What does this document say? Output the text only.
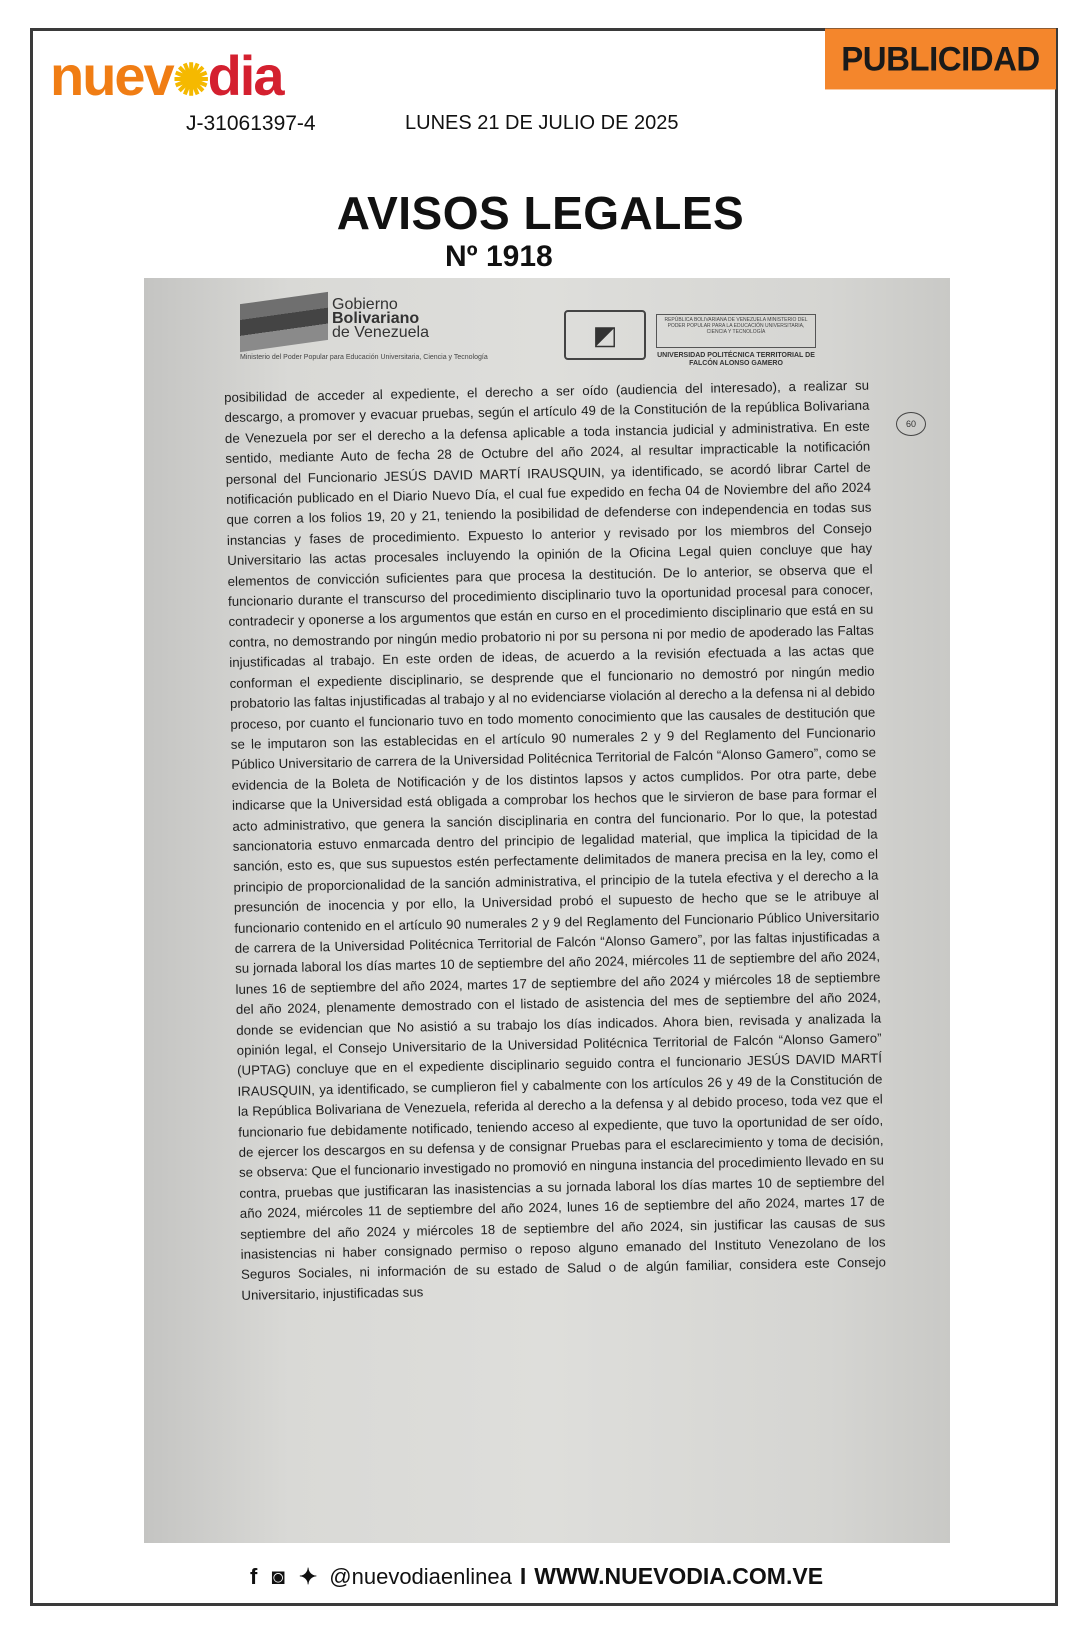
nuev✺dia
J-31061397-4	LUNES 21 DE JULIO DE 2025
PUBLICIDAD
AVISOS LEGALES
Nº 1918
Gobierno
Bolivariano
de Venezuela
Ministerio del Poder Popular para Educación Universitaria, Ciencia y Tecnología
◩	REPÚBLICA BOLIVARIANA DE VENEZUELA MINISTERIO DEL PODER POPULAR PARA LA EDUCACIÓN UNIVERSITARIA, CIENCIA Y TECNOLOGÍA
UNIVERSIDAD POLITÉCNICA TERRITORIAL DE FALCÓN ALONSO GAMERO
60
posibilidad de acceder al expediente, el derecho a ser oído (audiencia del interesado), a realizar su descargo, a promover y evacuar pruebas, según el artículo 49 de la Constitución de la república Bolivariana de Venezuela por ser el derecho a la defensa aplicable a toda instancia judicial y administrativa. En este sentido, mediante Auto de fecha 28 de Octubre del año 2024, al resultar impracticable la notificación personal del Funcionario JESÚS DAVID MARTÍ IRAUSQUIN, ya identificado, se acordó librar Cartel de notificación publicado en el Diario Nuevo Día, el cual fue expedido en fecha 04 de Noviembre del año 2024 que corren a los folios 19, 20 y 21, teniendo la posibilidad de defenderse con independencia en todas sus instancias y fases de procedimiento. Expuesto lo anterior y revisado por los miembros del Consejo Universitario las actas procesales incluyendo la opinión de la Oficina Legal quien concluye que hay elementos de convicción suficientes para que procesa la destitución. De lo anterior, se observa que el funcionario durante el transcurso del procedimiento disciplinario tuvo la oportunidad procesal para conocer, contradecir y oponerse a los argumentos que están en curso en el procedimiento disciplinario que está en su contra, no demostrando por ningún medio probatorio ni por su persona ni por medio de apoderado las Faltas injustificadas al trabajo. En este orden de ideas, de acuerdo a la revisión efectuada a las actas que conforman el expediente disciplinario, se desprende que el funcionario no demostró por ningún medio probatorio las faltas injustificadas al trabajo y al no evidenciarse violación al derecho a la defensa ni al debido proceso, por cuanto el funcionario tuvo en todo momento conocimiento que las causales de destitución que se le imputaron son las establecidas en el artículo 90 numerales 2 y 9 del Reglamento del Funcionario Público Universitario de carrera de la Universidad Politécnica Territorial de Falcón “Alonso Gamero”, como se evidencia de la Boleta de Notificación y de los distintos lapsos y actos cumplidos. Por otra parte, debe indicarse que la Universidad está obligada a comprobar los hechos que le sirvieron de base para formar el acto administrativo, que genera la sanción disciplinaria en contra del funcionario. Por lo que, la potestad sancionatoria estuvo enmarcada dentro del principio de legalidad material, que implica la tipicidad de la sanción, esto es, que sus supuestos estén perfectamente delimitados de manera precisa en la ley, como el principio de proporcionalidad de la sanción administrativa, el principio de la tutela efectiva y el derecho a la presunción de inocencia y por ello, la Universidad probó el supuesto de hecho que se le atribuye al funcionario contenido en el artículo 90 numerales 2 y 9 del Reglamento del Funcionario Público Universitario de carrera de la Universidad Politécnica Territorial de Falcón “Alonso Gamero”, por las faltas injustificadas a su jornada laboral los días martes 10 de septiembre del año 2024, miércoles 11 de septiembre del año 2024, lunes 16 de septiembre del año 2024, martes 17 de septiembre del año 2024 y miércoles 18 de septiembre del año 2024, plenamente demostrado con el listado de asistencia del mes de septiembre del año 2024, donde se evidencian que No asistió a su trabajo los días indicados. Ahora bien, revisada y analizada la opinión legal, el Consejo Universitario de la Universidad Politécnica Territorial de Falcón “Alonso Gamero” (UPTAG) concluye que en el expediente disciplinario seguido contra el funcionario JESÚS DAVID MARTÍ IRAUSQUIN, ya identificado, se cumplieron fiel y cabalmente con los artículos 26 y 49 de la Constitución de la República Bolivariana de Venezuela, referida al derecho a la defensa y al debido proceso, toda vez que el funcionario fue debidamente notificado, teniendo acceso al expediente, que tuvo la oportunidad de ser oído, de ejercer los descargos en su defensa y de consignar Pruebas para el esclarecimiento y toma de decisión, se observa: Que el funcionario investigado no promovió en ninguna instancia del procedimiento llevado en su contra, pruebas que justificaran las inasistencias a su jornada laboral los días martes 10 de septiembre del año 2024, miércoles 11 de septiembre del año 2024, lunes 16 de septiembre del año 2024, martes 17 de septiembre del año 2024 y miércoles 18 de septiembre del año 2024, sin justificar las causas de sus inasistencias ni haber consignado permiso o reposo alguno emanado del Instituto Venezolano de los Seguros Sociales, ni información de su estado de Salud o de algún familiar, considera este Consejo Universitario, injustificadas sus
f ◙ ✦ @nuevodiaenlinea I WWW.NUEVODIA.COM.VE
